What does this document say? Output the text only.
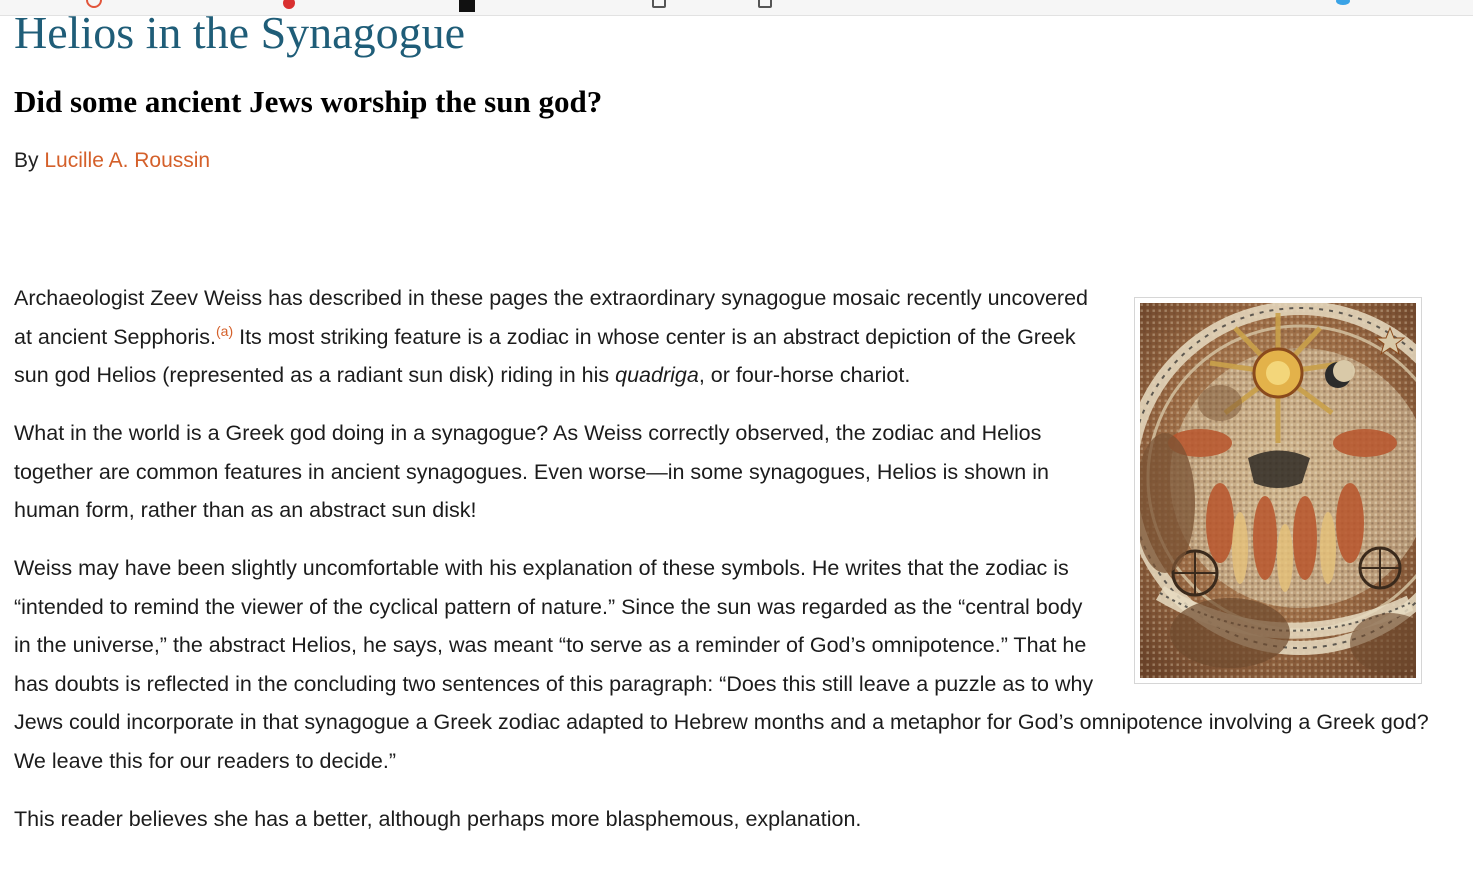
Helios in the Synagogue
Did some ancient Jews worship the sun god?
By Lucille A. Roussin

Archaeologist Zeev Weiss has described in these pages the extraordinary synagogue mosaic recently uncovered at ancient Sepphoris.$^{(a)}$ Its most striking feature is a zodiac in whose center is an abstract depiction of the Greek sun god Helios (represented as a radiant sun disk) riding in his quadriga, or four-horse chariot.

What in the world is a Greek god doing in a synagogue? As Weiss correctly observed, the zodiac and Helios together are common features in ancient synagogues. Even worse—in some synagogues, Helios is shown in human form, rather than as an abstract sun disk!

Weiss may have been slightly uncomfortable with his explanation of these symbols. He writes that the zodiac is “intended to remind the viewer of the cyclical pattern of nature.” Since the sun was regarded as the “central body in the universe,” the abstract Helios, he says, was meant “to serve as a reminder of God’s omnipotence.” That he has doubts is reflected in the concluding two sentences of this paragraph: “Does this still leave a puzzle as to why Jews could incorporate in that synagogue a Greek zodiac adapted to Hebrew months and a metaphor for God’s omnipotence involving a Greek god? We leave this for our readers to decide.”

This reader believes she has a better, although perhaps more blasphemous, explanation.
